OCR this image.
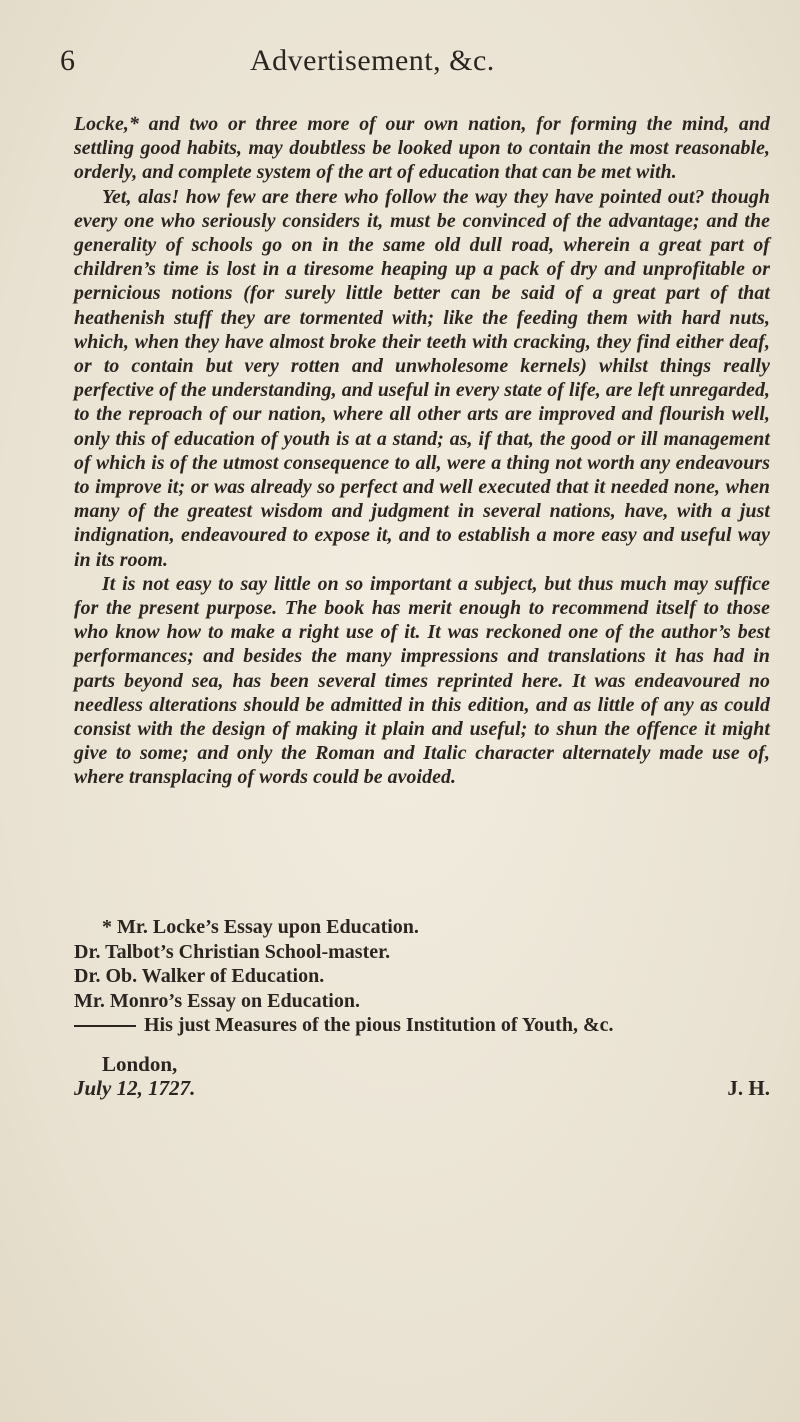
6	Advertisement, &c.

Locke,* and two or three more of our own nation, for forming the mind, and settling good habits, may doubtless be looked upon to contain the most reasonable, orderly, and complete system of the art of education that can be met with.

Yet, alas! how few are there who follow the way they have pointed out? though every one who seriously considers it, must be convinced of the advantage; and the generality of schools go on in the same old dull road, wherein a great part of children’s time is lost in a tiresome heaping up a pack of dry and unprofitable or pernicious notions (for surely little better can be said of a great part of that heathenish stuff they are tormented with; like the feeding them with hard nuts, which, when they have almost broke their teeth with cracking, they find either deaf, or to contain but very rotten and unwholesome kernels) whilst things really perfective of the understanding, and useful in every state of life, are left unregarded, to the reproach of our nation, where all other arts are improved and flourish well, only this of education of youth is at a stand; as, if that, the good or ill management of which is of the utmost consequence to all, were a thing not worth any endeavours to improve it; or was already so perfect and well executed that it needed none, when many of the greatest wisdom and judgment in several nations, have, with a just indignation, endeavoured to expose it, and to establish a more easy and useful way in its room.

It is not easy to say little on so important a subject, but thus much may suffice for the present purpose. The book has merit enough to recommend itself to those who know how to make a right use of it. It was reckoned one of the author’s best performances; and besides the many impressions and translations it has had in parts beyond sea, has been several times reprinted here. It was endeavoured no needless alterations should be admitted in this edition, and as little of any as could consist with the design of making it plain and useful; to shun the offence it might give to some; and only the Roman and Italic character alternately made use of, where transplacing of words could be avoided.

* Mr. Locke’s Essay upon Education.
Dr. Talbot’s Christian School-master.
Dr. Ob. Walker of Education.
Mr. Monro’s Essay on Education.
His just Measures of the pious Institution of Youth, &c.
London,
July 12, 1727.	J. H.
